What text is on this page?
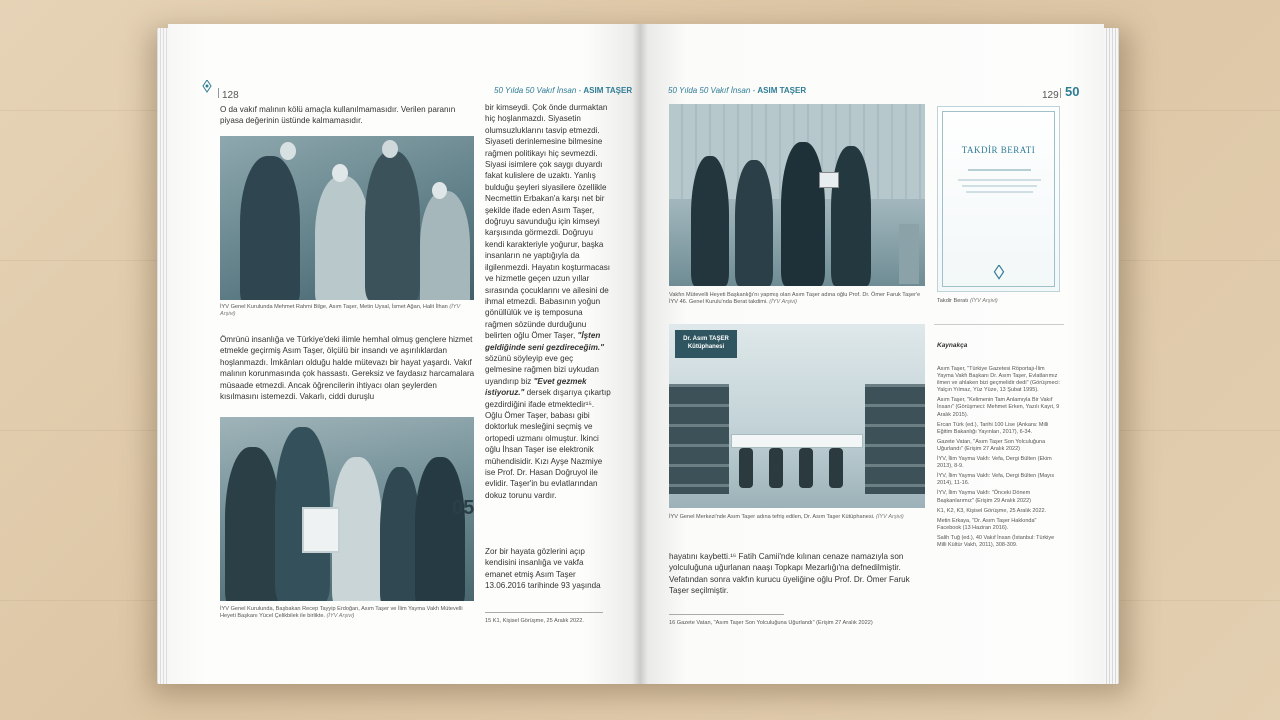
128	50 Yılda 50 Vakıf İnsan - ASIM TAŞER
O da vakıf malının kölü amaçla kullanılmamasıdır. Verilen paranın piyasa değerinin üstünde kalmamasıdır.
İYV Genel Kurulunda Mehmet Rahmi Bilge, Asım Taşer, Metin Uysal, İsmet Ağan, Halit İlhan (İYV Arşivi)
Ömrünü insanlığa ve Türkiye'deki ilimle hemhal olmuş gençlere hizmet etmekle geçirmiş Asım Taşer, ölçülü bir insandı ve aşırılıklardan hoşlanmazdı. İmkânları olduğu halde mütevazı bir hayat yaşardı. Vakıf malının korunmasında çok hassastı. Gereksiz ve faydasız harcamalara müsaade etmezdi. Ancak öğrencilerin ihtiyacı olan şeylerden kısılmasını istemezdi. Vakarlı, ciddi duruşlu
05
İYV Genel Kurulunda, Başbakan Recep Tayyip Erdoğan, Asım Taşer ve İlim Yayma Vakfı Mütevelli Heyeti Başkanı Yücel Çelikbilek ile birlikte. (İYV Arşivi)
bir kimseydi. Çok önde durmaktan hiç hoşlanmazdı. Siyasetin olumsuzluklarını tasvip etmezdi. Siyaseti derinlemesine bilmesine rağmen politikayı hiç sevmezdi. Siyasi isimlere çok saygı duyardı fakat kulislere de uzaktı. Yanlış bulduğu şeyleri siyasilere özellikle Necmettin Erbakan'a karşı net bir şekilde ifade eden Asım Taşer, doğruyu savunduğu için kimseyi karşısında görmezdi. Doğruyu kendi karakteriyle yoğurur, başka insanların ne yaptığıyla da ilgilenmezdi. Hayatın koşturmacası ve hizmetle geçen uzun yıllar sırasında çocuklarını ve ailesini de ihmal etmezdi. Babasının yoğun gönüllülük ve iş temposuna rağmen sözünde durduğunu belirten oğlu Ömer Taşer, "İşten geldiğinde seni gezdireceğim." sözünü söyleyip eve geç gelmesine rağmen bizi uykudan uyandırıp biz "Evet gezmek istiyoruz." dersek dışarıya çıkartıp gezdirdiğini ifade etmektedir¹⁵. Oğlu Ömer Taşer, babası gibi doktorluk mesleğini seçmiş ve ortopedi uzmanı olmuştur. İkinci oğlu İhsan Taşer ise elektronik mühendisidir. Kızı Ayşe Nazmiye ise Prof. Dr. Hasan Doğruyol ile evlidir. Taşer'in bu evlatlarından dokuz torunu vardır.
Zor bir hayata gözlerini açıp kendisini insanlığa ve vakfa emanet etmiş Asım Taşer 13.06.2016 tarihinde 93 yaşında
15 K1, Kişisel Görüşme, 25 Aralık 2022.
50 Yılda 50 Vakıf İnsan - ASIM TAŞER	129 50
Vakfın Mütevelli Heyeti Başkanlığı'nı yapmış olan Asım Taşer adına oğlu Prof. Dr. Ömer Faruk Taşer'e İYV 46. Genel Kurulu'nda Berat takdimi. (İYV Arşivi)
TAKDİR BERATI
Takdir Beratı (İYV Arşivi)
Dr. Asım TAŞER
Kütüphanesi
İYV Genel Merkezi'nde Asım Taşer adına tefriş edilen, Dr. Asım Taşer Kütüphanesi. (İYV Arşivi)
hayatını kaybetti.¹⁶ Fatih Camii'nde kılınan cenaze namazıyla son yolculuğuna uğurlanan naaşı Topkapı Mezarlığı'na defnedilmiştir. Vefatından sonra vakfın kurucu üyeliğine oğlu Prof. Dr. Ömer Faruk Taşer seçilmiştir.
16 Gazete Vatan, "Asım Taşer Son Yolculuğuna Uğurlandı" (Erişim 27 Aralık 2022)
Kaynakça

Asım Taşer, "Türkiye Gazetesi Röportajı-İlim Yayma Vakfı Başkanı Dr. Asım Taşer, Evlatlarımız ilmen ve ahlaken bizi geçmelidir dedi" (Görüşmeci: Yalçın Yılmaz, Yüz Yüze, 13 Şubat 1995).

Asım Taşer, "Kelimenin Tam Anlamıyla Bir Vakıf İnsanı" (Görüşmeci: Mehmet Erken, Yazılı Kayıt, 9 Aralık 2015).

Ercan Türk (ed.), Tarihi 100 Lise (Ankara: Milli Eğitim Bakanlığı Yayınları, 2017), 6-34.

Gazete Vatan, "Asım Taşer Son Yolculuğuna Uğurlandı" (Erişim 27 Aralık 2022)

İYV, İlim Yayma Vakfı: Vefa, Dergi Bülten (Ekim 2013), 8-9.

İYV, İlim Yayma Vakfı: Vefa, Dergi Bülten (Mayıs 2014), 11-16.

İYV, İlim Yayma Vakfı: "Önceki Dönem Başkanlarımız" (Erişim 29 Aralık 2022)

K1, K2, K3, Kişisel Görüşme, 25 Aralık 2022.

Metin Erkaya, "Dr. Asım Taşer Hakkında" Facebook (13 Haziran 2016).

Salih Tuğ (ed.), 40 Vakıf İnsan (İstanbul: Türkiye Milli Kültür Vakfı, 2011), 308-309.
